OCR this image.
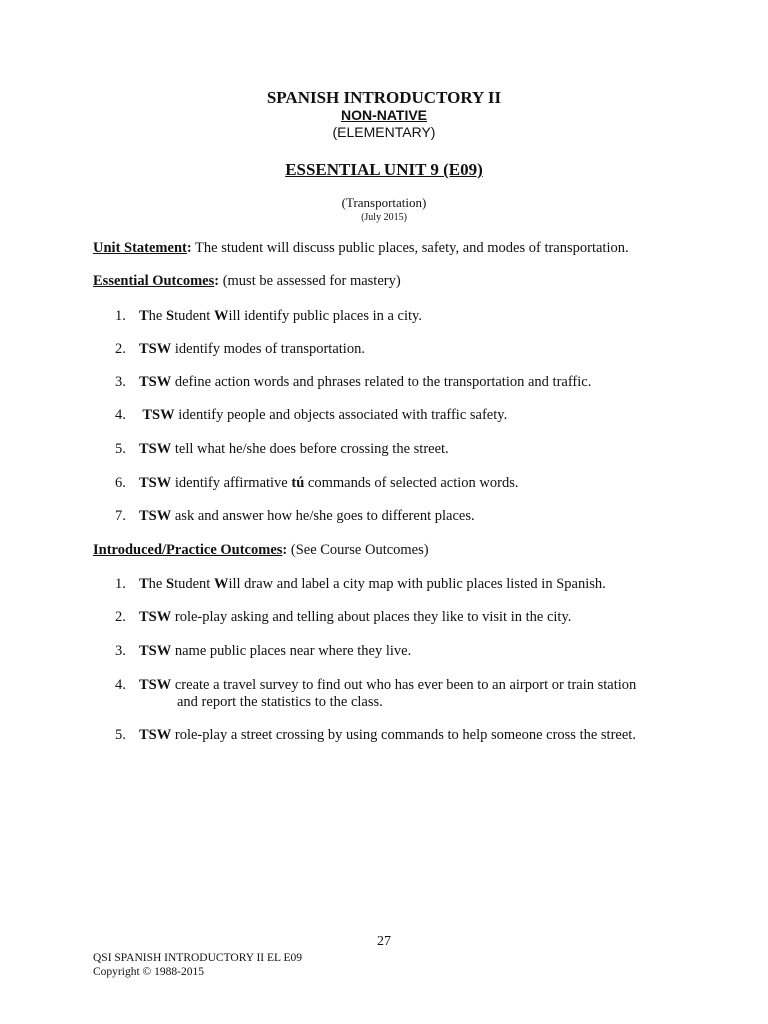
SPANISH INTRODUCTORY II
NON-NATIVE
(ELEMENTARY)
ESSENTIAL UNIT 9 (E09)
(Transportation)
(July 2015)
Unit Statement: The student will discuss public places, safety, and modes of transportation.
Essential Outcomes: (must be assessed for mastery)
1. The Student Will identify public places in a city.
2. TSW identify modes of transportation.
3. TSW define action words and phrases related to the transportation and traffic.
4. TSW identify people and objects associated with traffic safety.
5. TSW tell what he/she does before crossing the street.
6. TSW identify affirmative tú commands of selected action words.
7. TSW ask and answer how he/she goes to different places.
Introduced/Practice Outcomes: (See Course Outcomes)
1. The Student Will draw and label a city map with public places listed in Spanish.
2. TSW role-play asking and telling about places they like to visit in the city.
3. TSW name public places near where they live.
4. TSW create a travel survey to find out who has ever been to an airport or train station
and report the statistics to the class.
5. TSW role-play a street crossing by using commands to help someone cross the street.
27
QSI SPANISH INTRODUCTORY II EL E09
Copyright © 1988-2015
